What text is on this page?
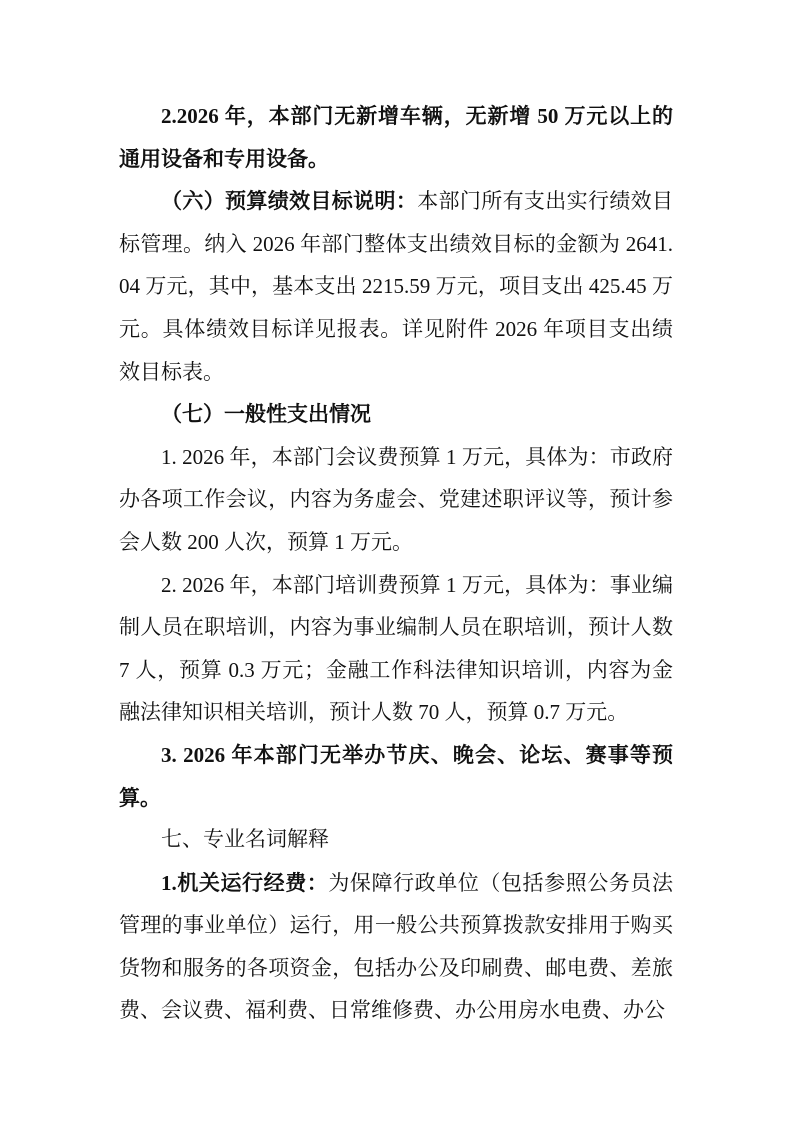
2.2026 年，本部门无新增车辆，无新增 50 万元以上的通用设备和专用设备。

（六）预算绩效目标说明：本部门所有支出实行绩效目标管理。纳入 2026 年部门整体支出绩效目标的金额为 2641.04 万元，其中，基本支出 2215.59 万元，项目支出 425.45 万元。具体绩效目标详见报表。详见附件 2026 年项目支出绩效目标表。

（七）一般性支出情况

1. 2026 年，本部门会议费预算 1 万元，具体为：市政府办各项工作会议，内容为务虚会、党建述职评议等，预计参会人数 200 人次，预算 1 万元。

2. 2026 年，本部门培训费预算 1 万元，具体为：事业编制人员在职培训，内容为事业编制人员在职培训，预计人数 7 人，预算 0.3 万元；金融工作科法律知识培训，内容为金融法律知识相关培训，预计人数 70 人，预算 0.7 万元。

3. 2026 年本部门无举办节庆、晚会、论坛、赛事等预算。

七、专业名词解释

1.机关运行经费：为保障行政单位（包括参照公务员法管理的事业单位）运行，用一般公共预算拨款安排用于购买货物和服务的各项资金，包括办公及印刷费、邮电费、差旅费、会议费、福利费、日常维修费、办公用房水电费、办公
